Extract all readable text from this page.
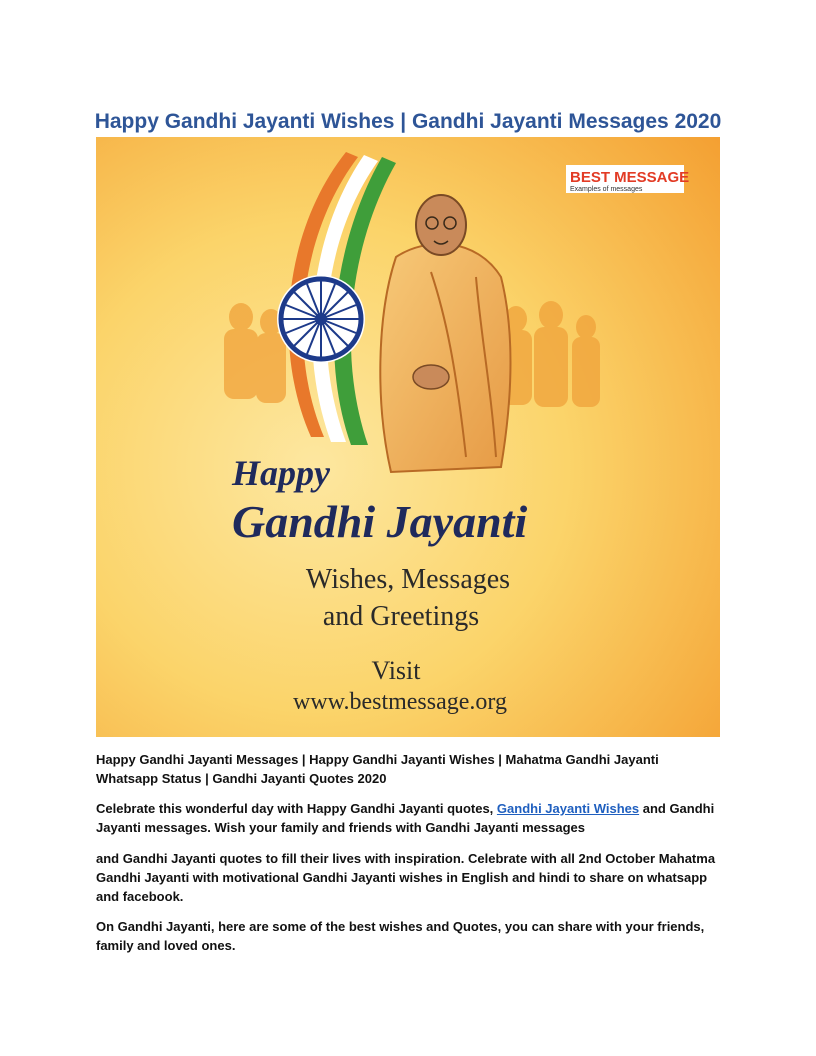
Happy Gandhi Jayanti Wishes | Gandhi Jayanti Messages 2020
BEST MESSAGE
Examples of messages
Happy
Gandhi Jayanti
Wishes, Messages
and Greetings
Visit
www.bestmessage.org

Happy Gandhi Jayanti Messages | Happy Gandhi Jayanti Wishes | Mahatma Gandhi Jayanti Whatsapp Status | Gandhi Jayanti Quotes 2020

Celebrate this wonderful day with Happy Gandhi Jayanti quotes, Gandhi Jayanti Wishes and Gandhi Jayanti messages. Wish your family and friends with Gandhi Jayanti messages

and Gandhi Jayanti quotes to fill their lives with inspiration. Celebrate with all 2nd October Mahatma Gandhi Jayanti with motivational Gandhi Jayanti wishes in English and hindi to share on whatsapp and facebook.

On Gandhi Jayanti, here are some of the best wishes and Quotes, you can share with your friends, family and loved ones.
